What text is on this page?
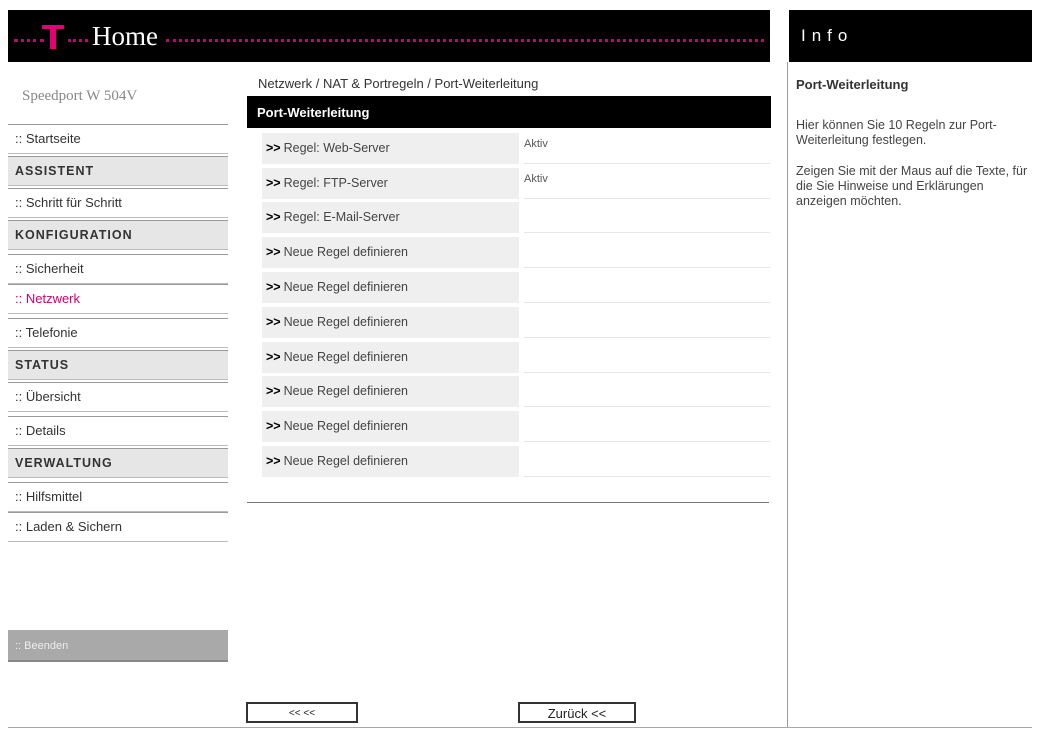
Home	Info
Speedport W 504V
:: Startseite
ASSISTENT
:: Schritt für Schritt
KONFIGURATION
:: Sicherheit
:: Netzwerk
:: Telefonie
STATUS
:: Übersicht
:: Details
VERWALTUNG
:: Hilfsmittel
:: Laden & Sichern
:: Beenden
Netzwerk / NAT & Portregeln / Port-Weiterleitung
Port-Weiterleitung
>> Regel: Web-Server	Aktiv
>> Regel: FTP-Server	Aktiv
>> Regel: E-Mail-Server
>> Neue Regel definieren
>> Neue Regel definieren
>> Neue Regel definieren
>> Neue Regel definieren
>> Neue Regel definieren
>> Neue Regel definieren
>> Neue Regel definieren
<< <<	Zurück <<
Port-Weiterleitung
Hier können Sie 10 Regeln zur Port-Weiterleitung festlegen.
Zeigen Sie mit der Maus auf die Texte, für die Sie Hinweise und Erklärungen anzeigen möchten.
